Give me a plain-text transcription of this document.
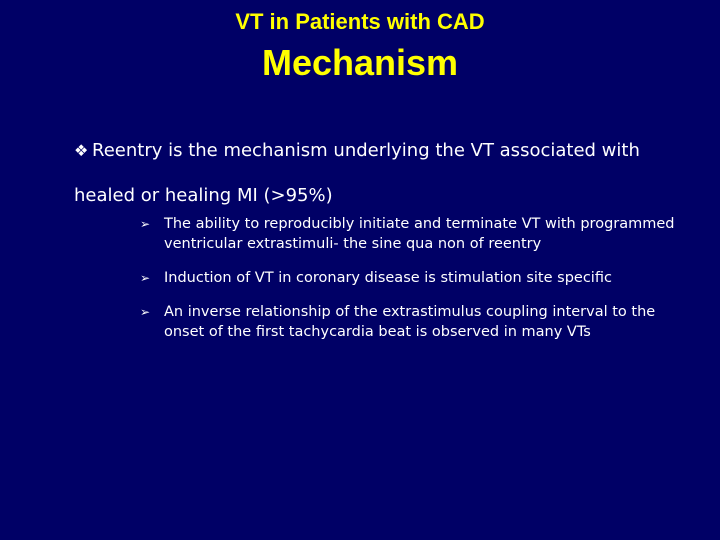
VT in Patients with CAD
Mechanism
❖ Reentry is the mechanism underlying the VT associated with healed or healing MI (>95%)
➢ The ability to reproducibly initiate and terminate VT with programmed ventricular extrastimuli- the sine qua non of reentry
➢ Induction of VT in coronary disease is stimulation site specific
➢ An inverse relationship of the extrastimulus coupling interval to the onset of the first tachycardia beat is observed in many VTs
